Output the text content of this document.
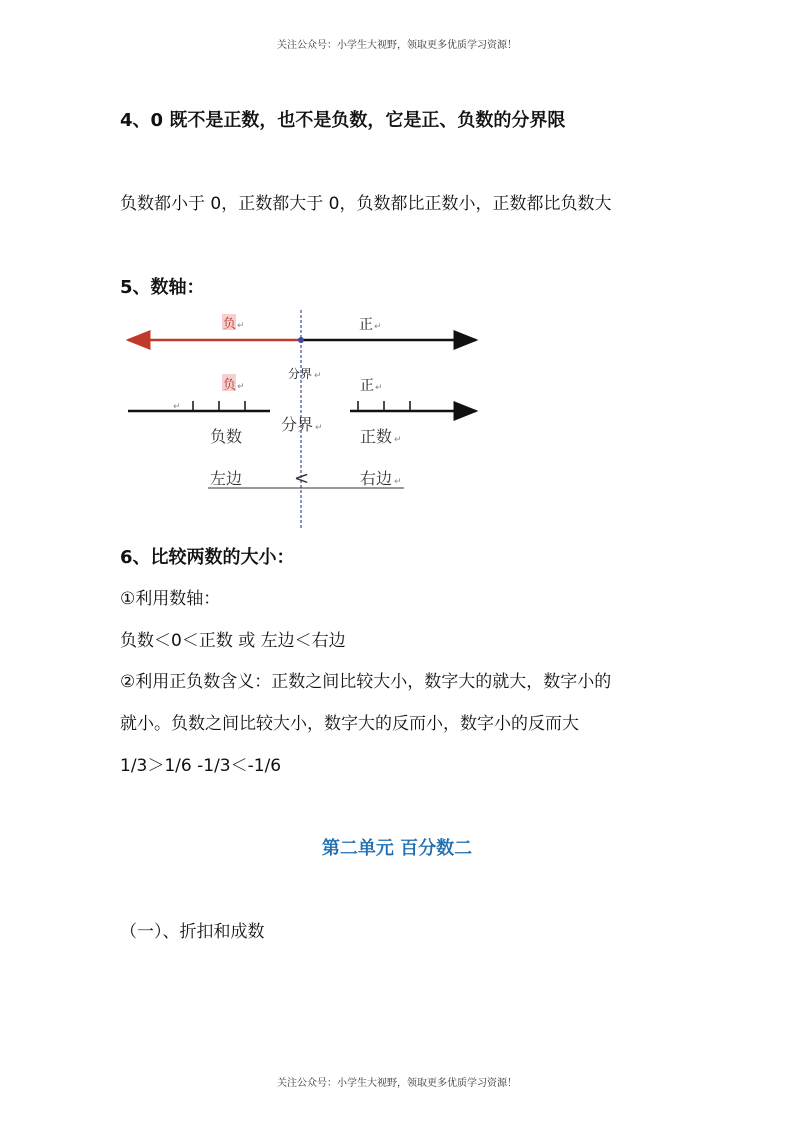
关注公众号：小学生大视野，领取更多优质学习资源！
4、0 既不是正数，也不是负数，它是正、负数的分界限
负数都小于 0，正数都大于 0，负数都比正数小，正数都比负数大
5、数轴：
负 ↵	正 ↵
分界 ↵
负 ↵	正 ↵
↵
分界 ↵
负数	正数 ↵
左边	<	右边 ↵
6、比较两数的大小：
①利用数轴：
负数＜0＜正数 或 左边＜右边
②利用正负数含义：正数之间比较大小，数字大的就大，数字小的
就小。负数之间比较大小，数字大的反而小，数字小的反而大
1/3＞1/6 -1/3＜-1/6
第二单元 百分数二
（一）、折扣和成数
关注公众号：小学生大视野，领取更多优质学习资源！
